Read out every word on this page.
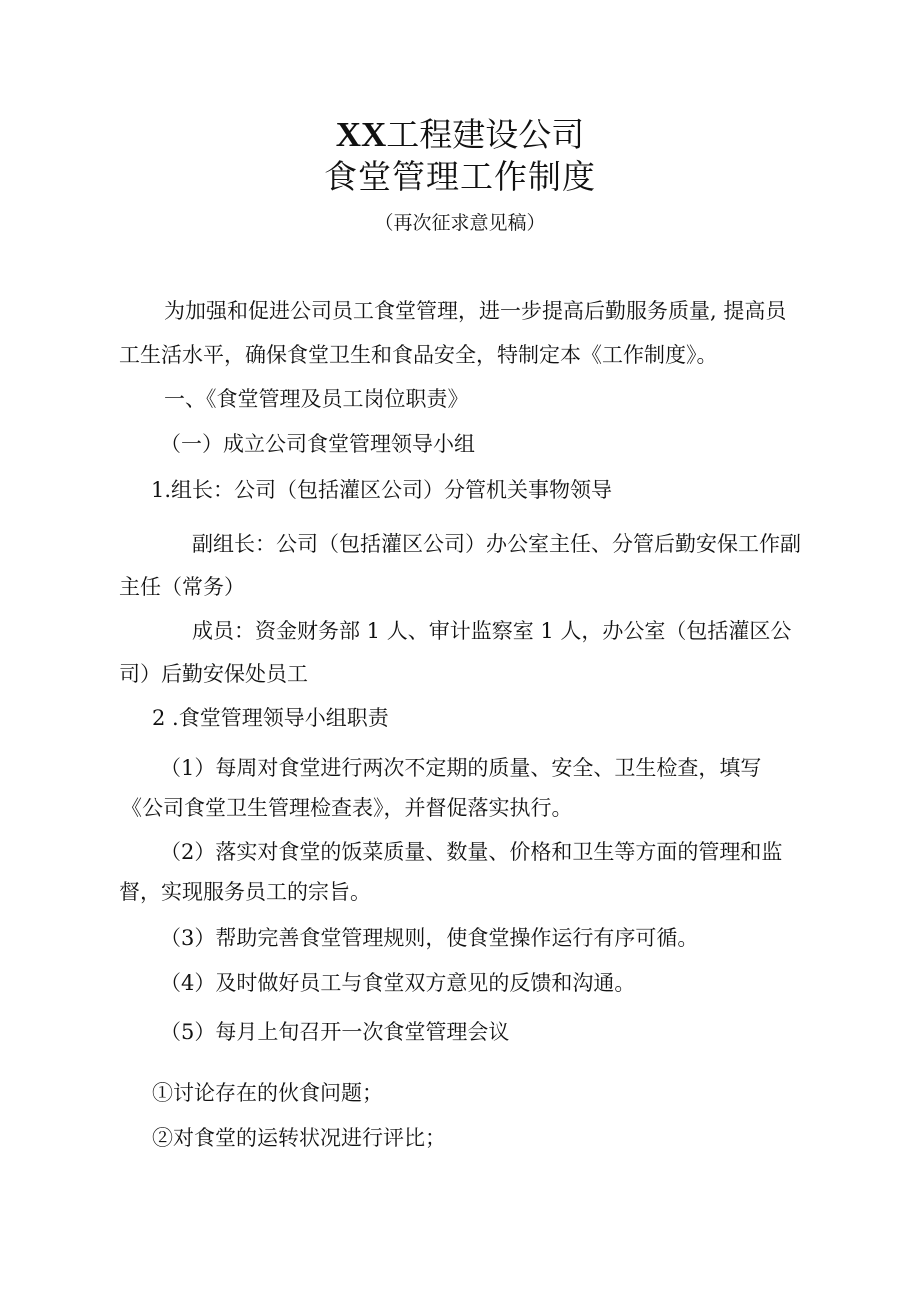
XX工程建设公司
食堂管理工作制度
（再次征求意见稿）
为加强和促进公司员工食堂管理，进一步提高后勤服务质量, 提高员
工生活水平，确保食堂卫生和食品安全，特制定本《工作制度》。
一、《食堂管理及员工岗位职责》
（一）成立公司食堂管理领导小组
1.组长：公司（包括灌区公司）分管机关事物领导
副组长：公司（包括灌区公司）办公室主任、分管后勤安保工作副
主任（常务）
成员：资金财务部 1 人、审计监察室 1 人，办公室（包括灌区公
司）后勤安保处员工
2 .食堂管理领导小组职责
（1）每周对食堂进行两次不定期的质量、安全、卫生检查，填写
《公司食堂卫生管理检查表》，并督促落实执行。
（2）落实对食堂的饭菜质量、数量、价格和卫生等方面的管理和监
督，实现服务员工的宗旨。
（3）帮助完善食堂管理规则，使食堂操作运行有序可循。
（4）及时做好员工与食堂双方意见的反馈和沟通。
（5）每月上旬召开一次食堂管理会议
①讨论存在的伙食问题；
②对食堂的运转状况进行评比；
